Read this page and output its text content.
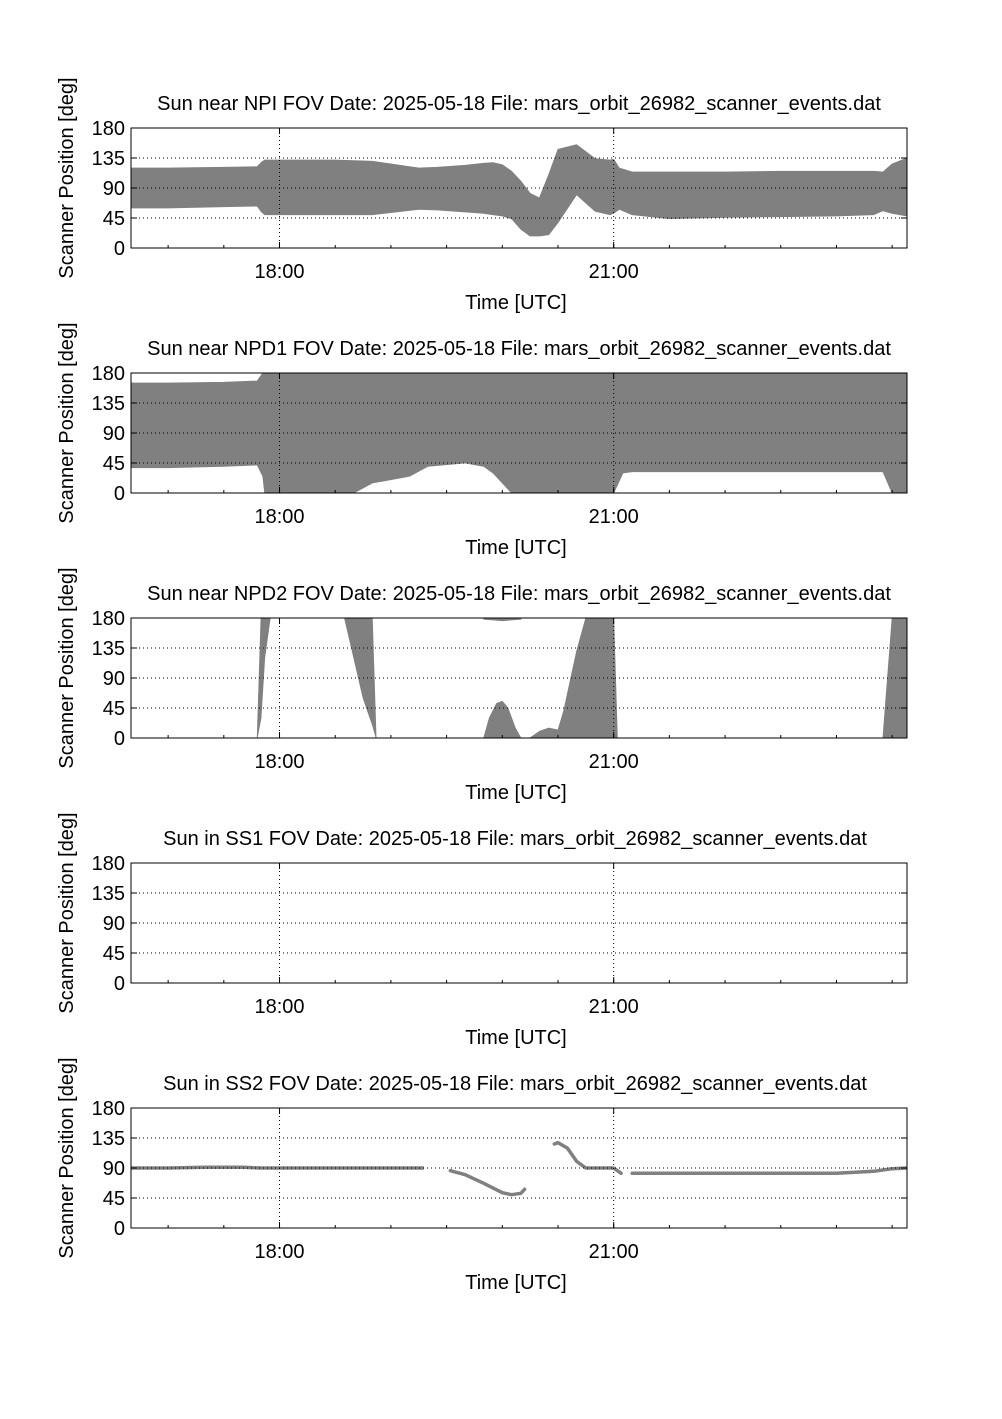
Sun near NPI FOV Date: 2025-05-18 File: mars_orbit_26982_scanner_events.dat
0
45
90
135
180
18:00	21:00
Time [UTC]
Scanner Position [deg]
Sun near NPD1 FOV Date: 2025-05-18 File: mars_orbit_26982_scanner_events.dat
0
45
90
135
180
18:00	21:00
Time [UTC]
Scanner Position [deg]
Sun near NPD2 FOV Date: 2025-05-18 File: mars_orbit_26982_scanner_events.dat
0
45
90
135
180
18:00	21:00
Time [UTC]
Scanner Position [deg]
Sun in SS1 FOV Date: 2025-05-18 File: mars_orbit_26982_scanner_events.dat
0
45
90
135
180
18:00	21:00
Time [UTC]
Scanner Position [deg]
Sun in SS2 FOV Date: 2025-05-18 File: mars_orbit_26982_scanner_events.dat
0
45
90
135
180
18:00	21:00
Time [UTC]
Scanner Position [deg]
